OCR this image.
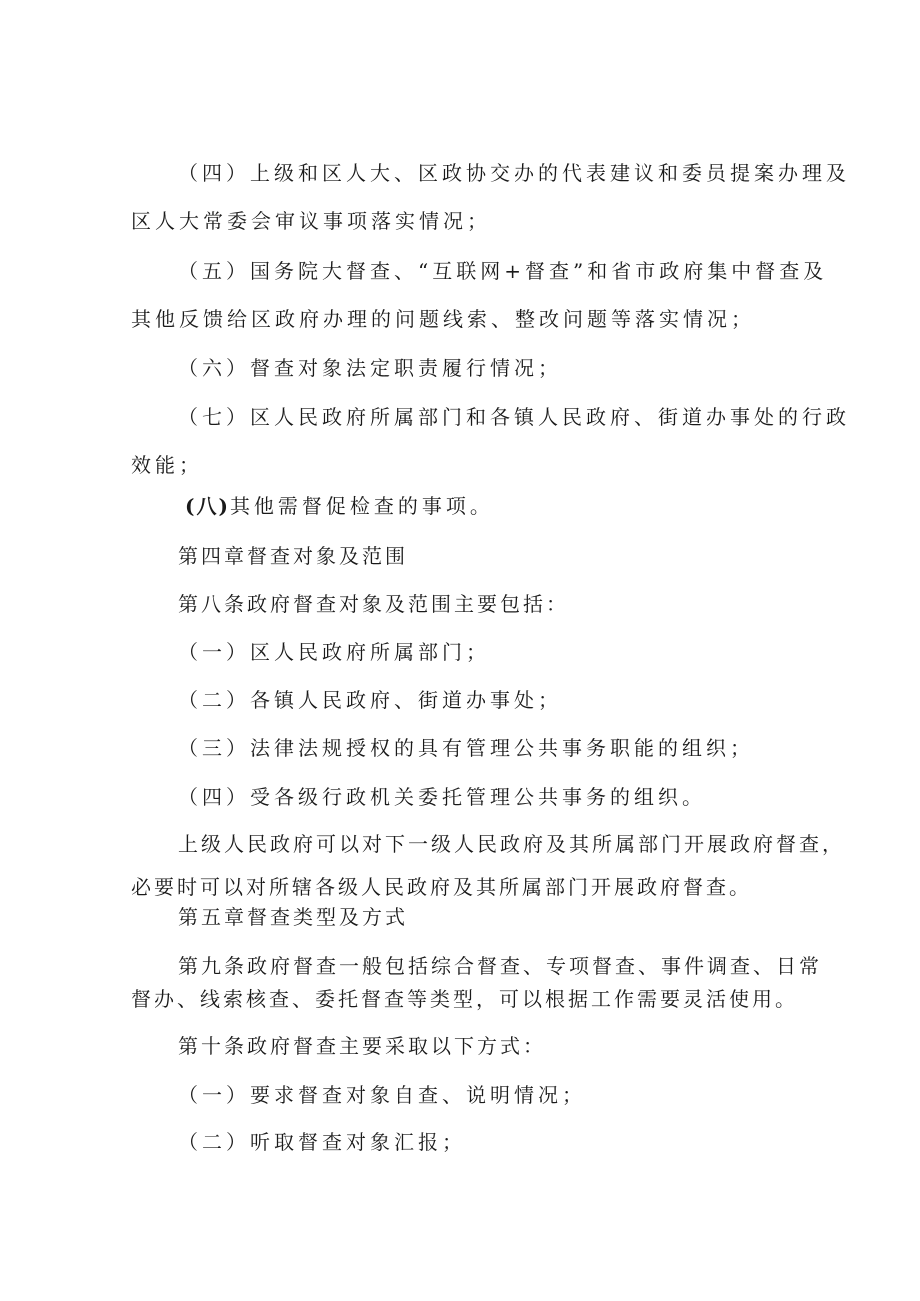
（四）上级和区人大、区政协交办的代表建议和委员提案办理及
区人大常委会审议事项落实情况；
（五）国务院大督查、“互联网+督查”和省市政府集中督查及
其他反馈给区政府办理的问题线索、整改问题等落实情况；
（六）督查对象法定职责履行情况；
（七）区人民政府所属部门和各镇人民政府、街道办事处的行政
效能；
(八)其他需督促检查的事项。
第四章督查对象及范围
第八条政府督查对象及范围主要包括：
（一）区人民政府所属部门；
（二）各镇人民政府、街道办事处；
（三）法律法规授权的具有管理公共事务职能的组织；
（四）受各级行政机关委托管理公共事务的组织。
上级人民政府可以对下一级人民政府及其所属部门开展政府督查，
必要时可以对所辖各级人民政府及其所属部门开展政府督查。
第五章督查类型及方式
第九条政府督查一般包括综合督查、专项督查、事件调查、日常
督办、线索核查、委托督查等类型，可以根据工作需要灵活使用。
第十条政府督查主要采取以下方式：
（一）要求督查对象自查、说明情况；
（二）听取督查对象汇报；
